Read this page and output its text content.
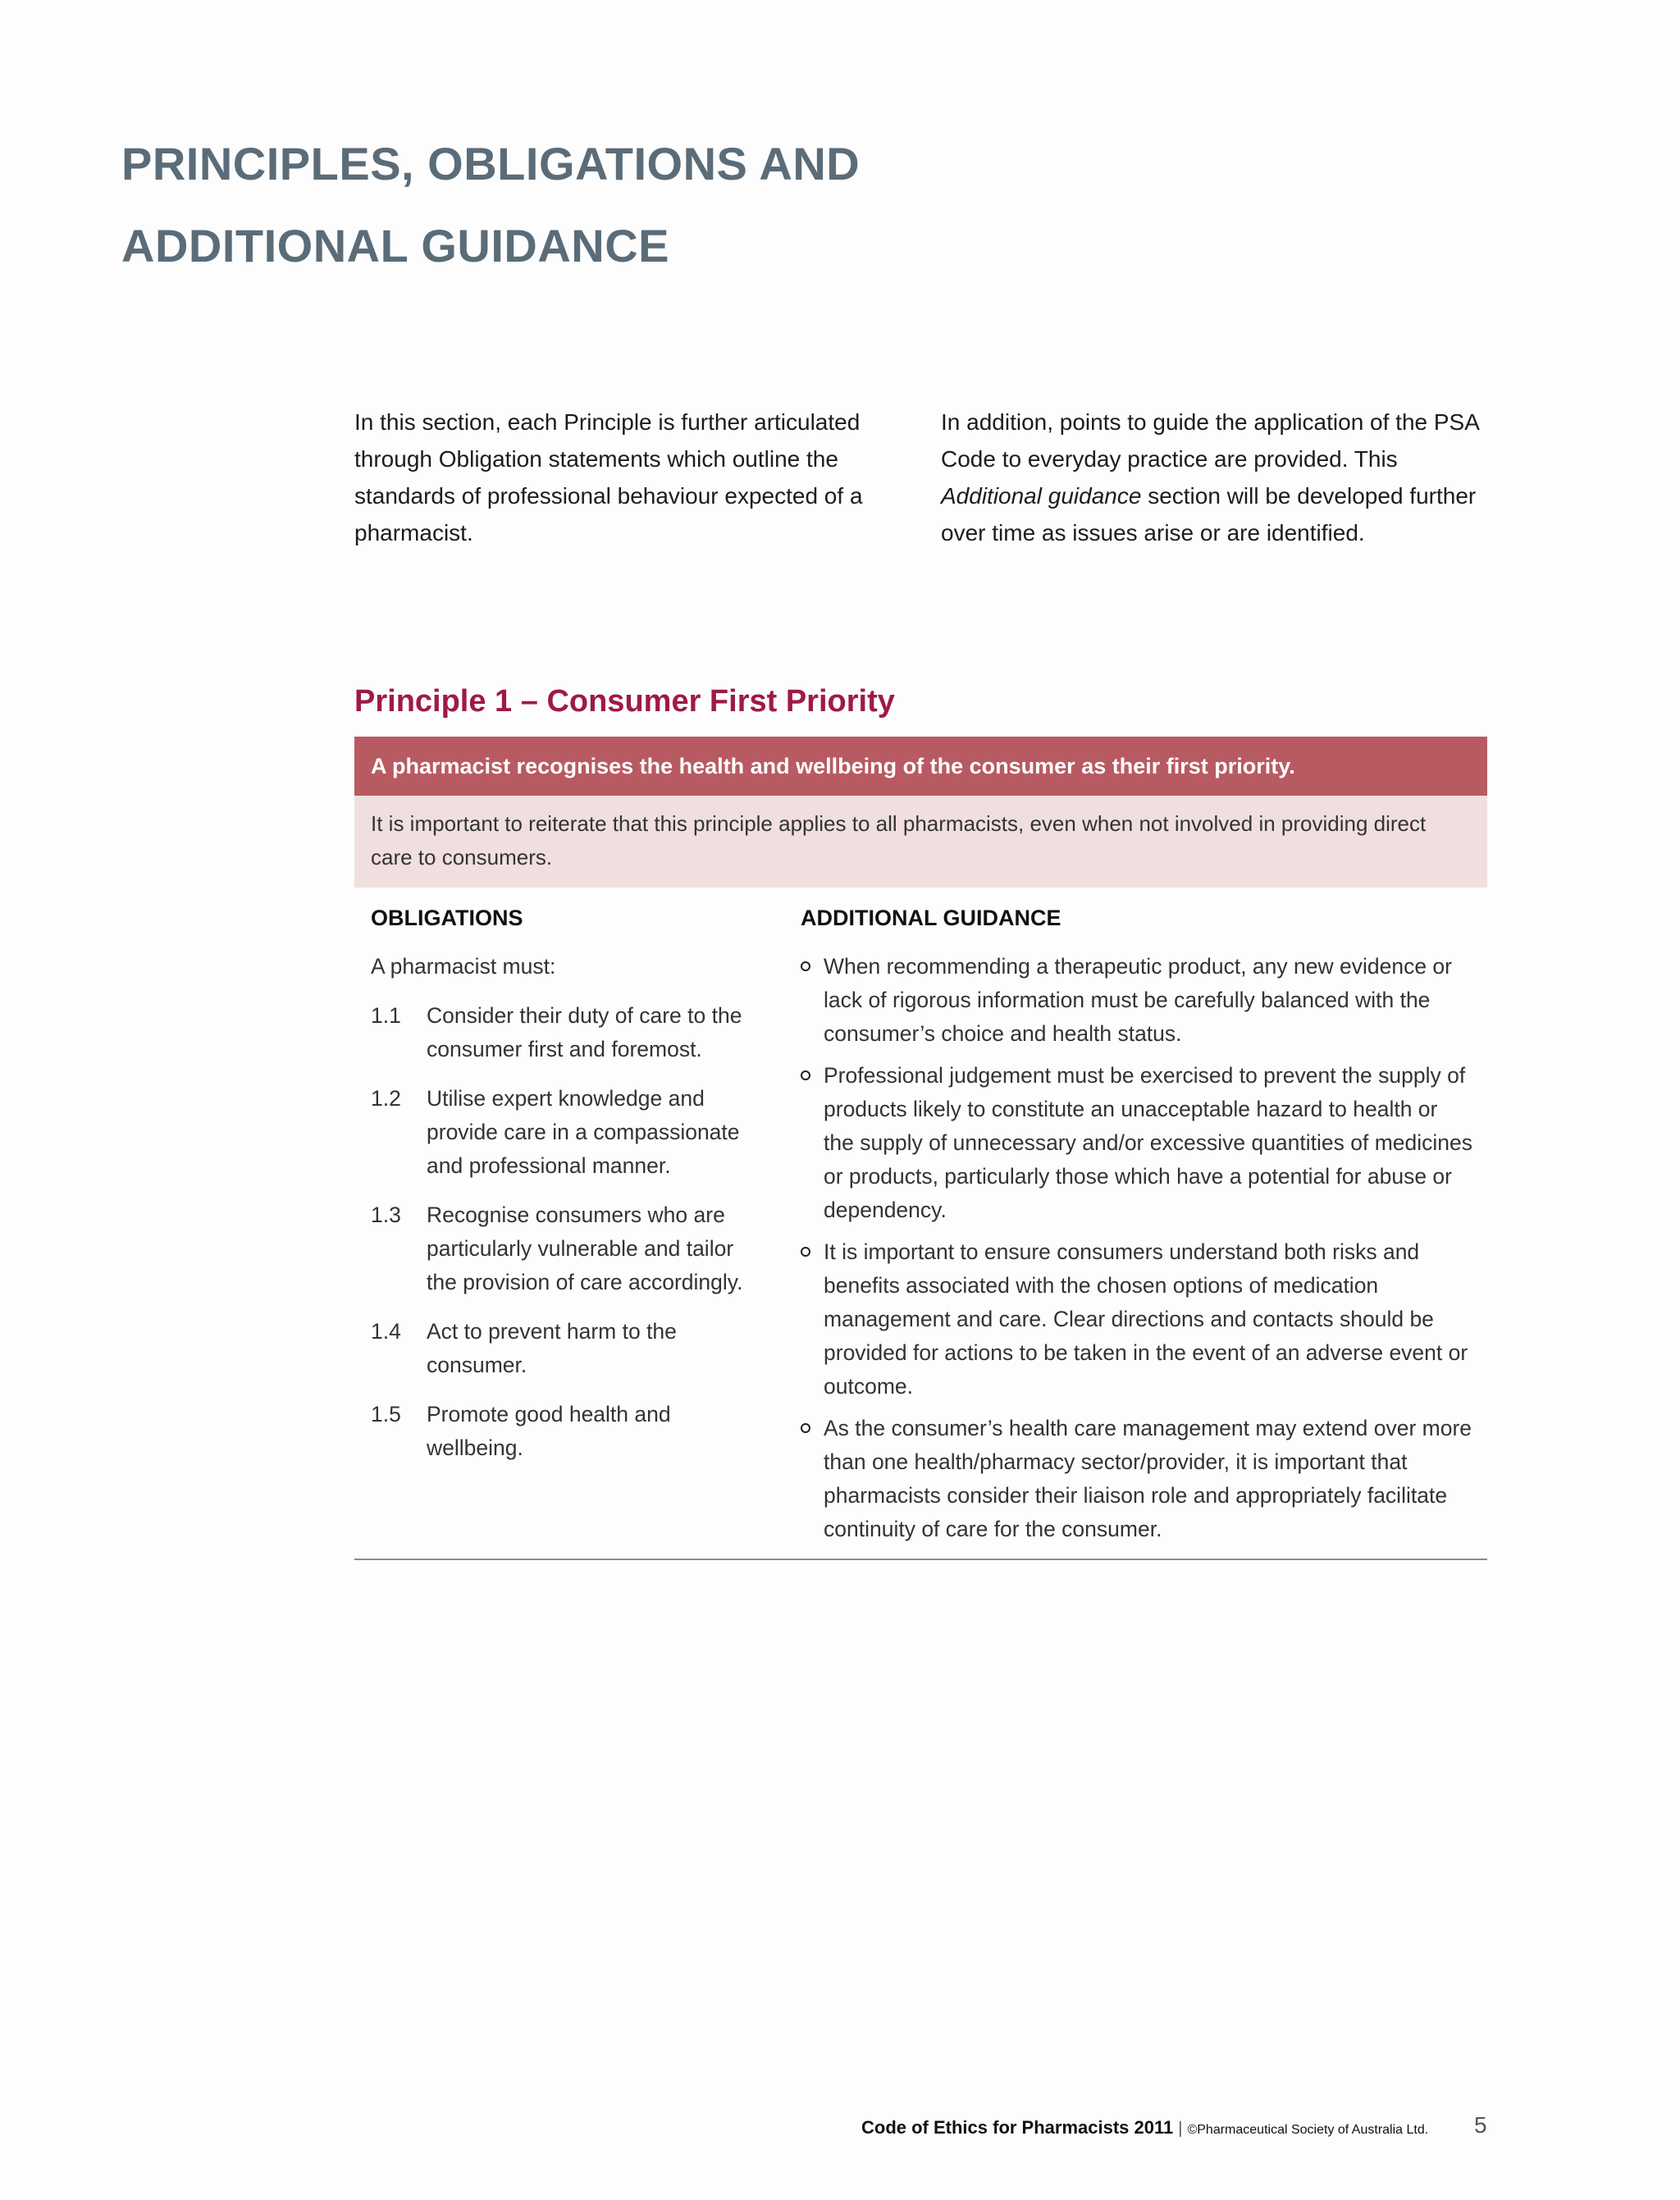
PRINCIPLES, OBLIGATIONS AND
ADDITIONAL GUIDANCE

In this section, each Principle is further articulated through Obligation statements which outline the standards of professional behaviour expected of a pharmacist.

In addition, points to guide the application of the PSA Code to everyday practice are provided. This Additional guidance section will be developed further over time as issues arise or are identified.

Principle 1 – Consumer First Priority
A pharmacist recognises the health and wellbeing of the consumer as their first priority.
It is important to reiterate that this principle applies to all pharmacists, even when not involved in providing direct care to consumers.
OBLIGATIONS	ADDITIONAL GUIDANCE

A pharmacist must:

1.1	Consider their duty of care to the consumer first and foremost.
1.2	Utilise expert knowledge and provide care in a compassionate and professional manner.
1.3	Recognise consumers who are particularly vulnerable and tailor the provision of care accordingly.
1.4	Act to prevent harm to the consumer.
1.5	Promote good health and wellbeing.
When recommending a therapeutic product, any new evidence or lack of rigorous information must be carefully balanced with the consumer’s choice and health status.
Professional judgement must be exercised to prevent the supply of products likely to constitute an unacceptable hazard to health or the supply of unnecessary and/or excessive quantities of medicines or products, particularly those which have a potential for abuse or dependency.
It is important to ensure consumers understand both risks and benefits associated with the chosen options of medication management and care. Clear directions and contacts should be provided for actions to be taken in the event of an adverse event or outcome.
As the consumer’s health care management may extend over more than one health/pharmacy sector/provider, it is important that pharmacists consider their liaison role and appropriately facilitate continuity of care for the consumer.
Code of Ethics for Pharmacists 2011 | ©Pharmaceutical Society of Australia Ltd.	5
